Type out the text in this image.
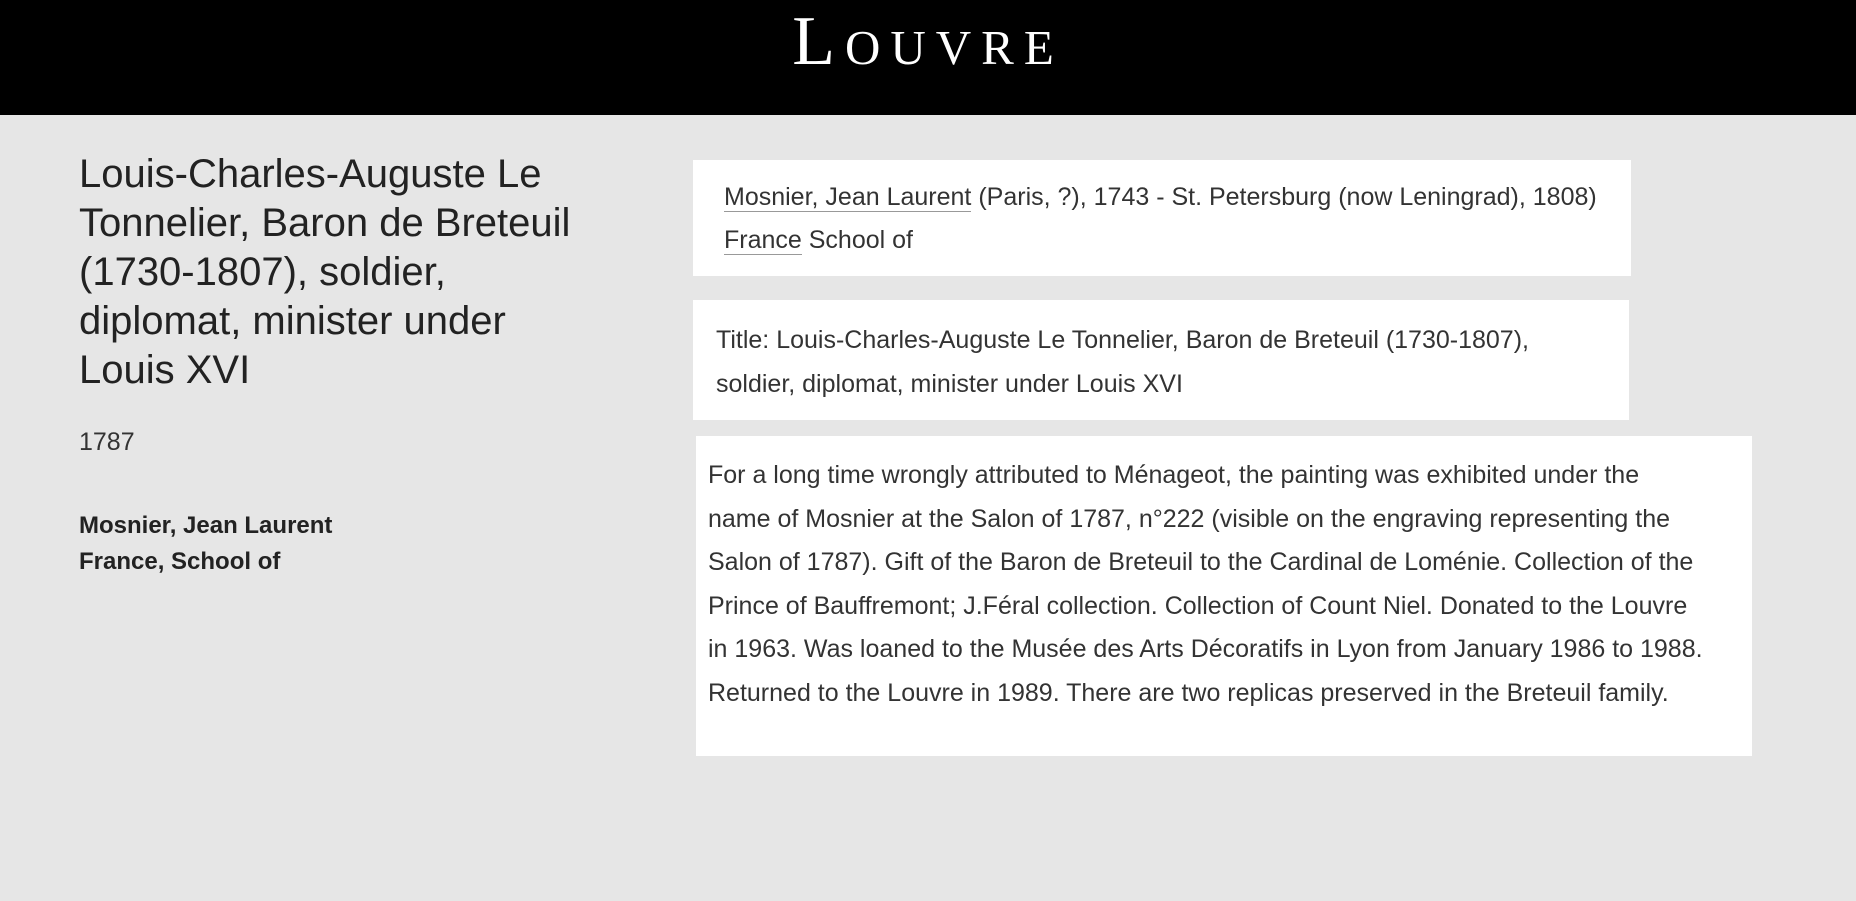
Louvre
Louis-Charles-Auguste Le Tonnelier, Baron de Breteuil (1730-1807), soldier, diplomat, minister under Louis XVI
1787
Mosnier, Jean Laurent
France, School of
Mosnier, Jean Laurent (Paris, ?), 1743 - St. Petersburg (now Leningrad), 1808)
France School of
Title: Louis-Charles-Auguste Le Tonnelier, Baron de Breteuil (1730-1807), soldier, diplomat, minister under Louis XVI
For a long time wrongly attributed to Ménageot, the painting was exhibited under the name of Mosnier at the Salon of 1787, n°222 (visible on the engraving representing the Salon of 1787). Gift of the Baron de Breteuil to the Cardinal de Loménie. Collection of the Prince of Bauffremont; J.Féral collection. Collection of Count Niel. Donated to the Louvre in 1963. Was loaned to the Musée des Arts Décoratifs in Lyon from January 1986 to 1988. Returned to the Louvre in 1989. There are two replicas preserved in the Breteuil family.
